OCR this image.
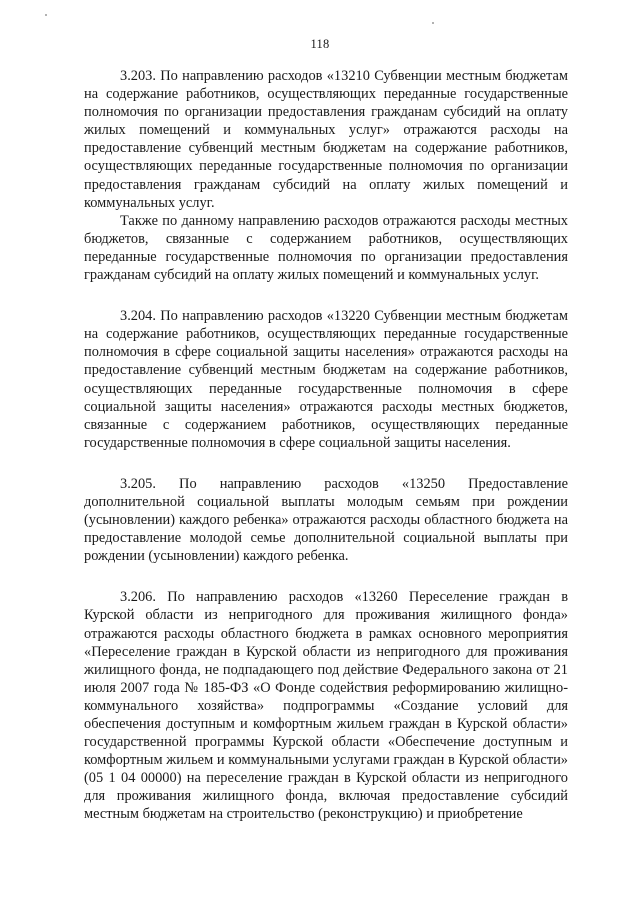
118

3.203. По направлению расходов «13210 Субвенции местным бюджетам на содержание работников, осуществляющих переданные государственные полномочия по организации предоставления гражданам субсидий на оплату жилых помещений и коммунальных услуг» отражаются расходы на предоставление субвенций местным бюджетам на содержание работников, осуществляющих переданные государственные полномочия по организации предоставления гражданам субсидий на оплату жилых помещений и коммунальных услуг.

Также по данному направлению расходов отражаются расходы местных бюджетов, связанные с содержанием работников, осуществляющих переданные государственные полномочия по организации предоставления гражданам субсидий на оплату жилых помещений и коммунальных услуг.

3.204. По направлению расходов «13220 Субвенции местным бюджетам на содержание работников, осуществляющих переданные государственные полномочия в сфере социальной защиты населения» отражаются расходы на предоставление субвенций местным бюджетам на содержание работников, осуществляющих переданные государственные полномочия в сфере социальной защиты населения» отражаются расходы местных бюджетов, связанные с содержанием работников, осуществляющих переданные государственные полномочия в сфере социальной защиты населения.

3.205. По направлению расходов «13250 Предоставление дополнительной социальной выплаты молодым семьям при рождении (усыновлении) каждого ребенка» отражаются расходы областного бюджета на предоставление молодой семье дополнительной социальной выплаты при рождении (усыновлении) каждого ребенка.

3.206. По направлению расходов «13260 Переселение граждан в Курской области из непригодного для проживания жилищного фонда» отражаются расходы областного бюджета в рамках основного мероприятия «Переселение граждан в Курской области из непригодного для проживания жилищного фонда, не подпадающего под действие Федерального закона от 21 июля 2007 года № 185-ФЗ «О Фонде содействия реформированию жилищно-коммунального хозяйства» подпрограммы «Создание условий для обеспечения доступным и комфортным жильем граждан в Курской области» государственной программы Курской области «Обеспечение доступным и комфортным жильем и коммунальными услугами граждан в Курской области» (05 1 04 00000) на переселение граждан в Курской области из непригодного для проживания жилищного фонда, включая предоставление субсидий местным бюджетам на строительство (реконструкцию) и приобретение
